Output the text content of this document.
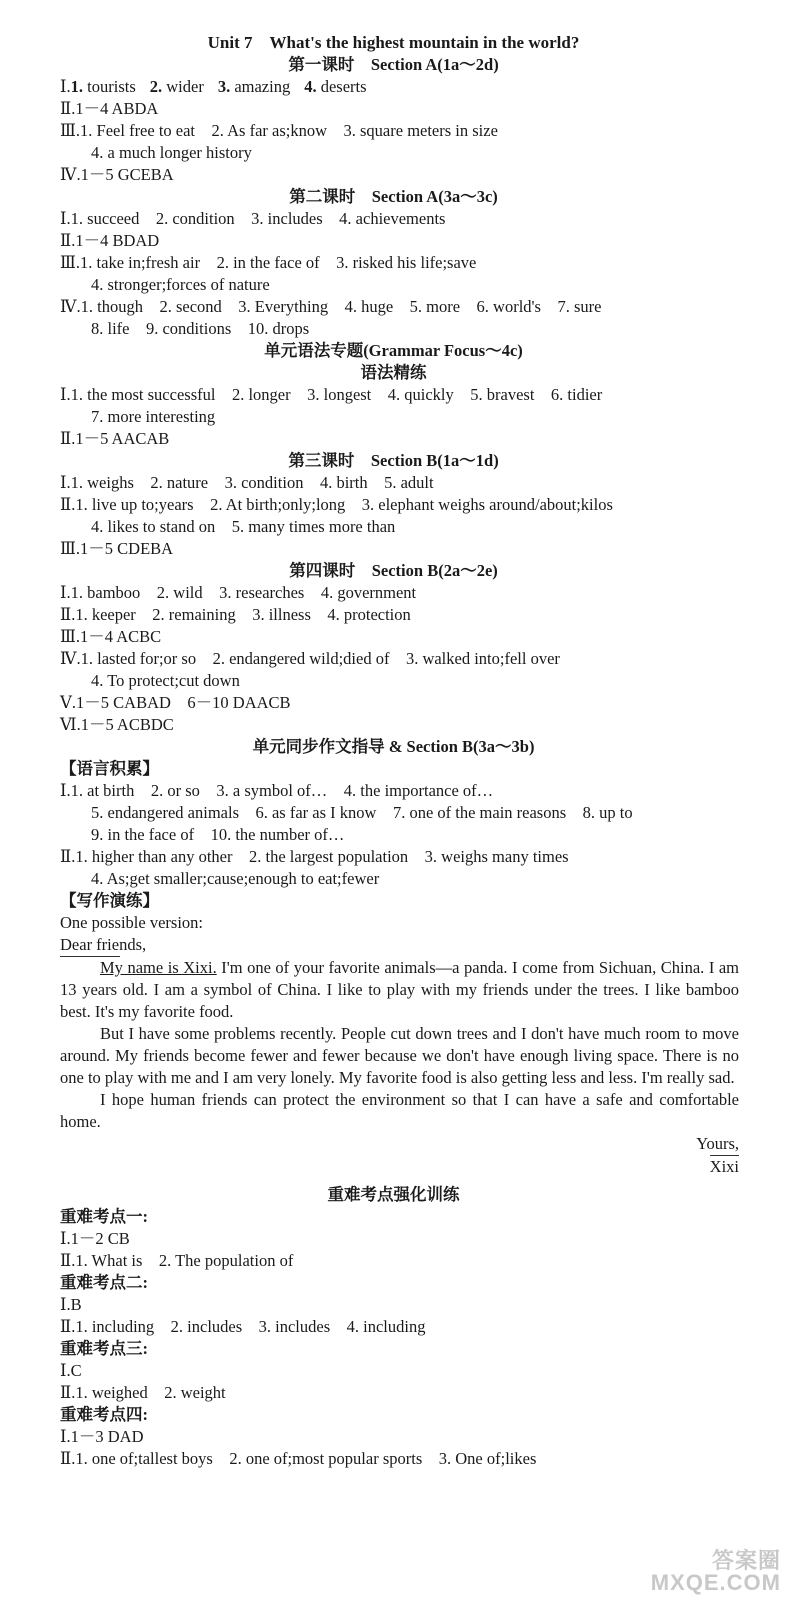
Unit 7　What's the highest mountain in the world?
第一课时　Section A(1a～2d)
Ⅰ.1. tourists 2. wider 3. amazing 4. deserts
Ⅱ.1－4 ABDA
Ⅲ.1. Feel free to eat　2. As far as;know　3. square meters in size
4. a much longer history
Ⅳ.1－5 GCEBA
第二课时　Section A(3a～3c)
Ⅰ.1. succeed　2. condition　3. includes　4. achievements
Ⅱ.1－4 BDAD
Ⅲ.1. take in;fresh air　2. in the face of　3. risked his life;save
4. stronger;forces of nature
Ⅳ.1. though　2. second　3. Everything　4. huge　5. more　6. world's　7. sure
8. life　9. conditions　10. drops
单元语法专题(Grammar Focus～4c)
语法精练
Ⅰ.1. the most successful　2. longer　3. longest　4. quickly　5. bravest　6. tidier
7. more interesting
Ⅱ.1－5 AACAB
第三课时　Section B(1a～1d)
Ⅰ.1. weighs　2. nature　3. condition　4. birth　5. adult
Ⅱ.1. live up to;years　2. At birth;only;long　3. elephant weighs around/about;kilos
4. likes to stand on　5. many times more than
Ⅲ.1－5 CDEBA
第四课时　Section B(2a～2e)
Ⅰ.1. bamboo　2. wild　3. researches　4. government
Ⅱ.1. keeper　2. remaining　3. illness　4. protection
Ⅲ.1－4 ACBC
Ⅳ.1. lasted for;or so　2. endangered wild;died of　3. walked into;fell over
4. To protect;cut down
Ⅴ.1－5 CABAD　6－10 DAACB
Ⅵ.1－5 ACBDC
单元同步作文指导 & Section B(3a～3b)
【语言积累】
Ⅰ.1. at birth　2. or so　3. a symbol of…　4. the importance of…
5. endangered animals　6. as far as I know　7. one of the main reasons　8. up to
9. in the face of　10. the number of…
Ⅱ.1. higher than any other　2. the largest population　3. weighs many times
4. As;get smaller;cause;enough to eat;fewer
【写作演练】
One possible version:
Dear friends,
My name is Xixi. I'm one of your favorite animals—a panda. I come from Sichuan, China. I am 13 years old. I am a symbol of China. I like to play with my friends under the trees. I like bamboo best. It's my favorite food.
But I have some problems recently. People cut down trees and I don't have much room to move around. My friends become fewer and fewer because we don't have enough living space. There is no one to play with me and I am very lonely. My favorite food is also getting less and less. I'm really sad.
I hope human friends can protect the environment so that I can have a safe and comfortable home.
Yours,
Xixi
重难考点强化训练
重难考点一:
Ⅰ.1－2 CB
Ⅱ.1. What is　2. The population of
重难考点二:
Ⅰ.B
Ⅱ.1. including　2. includes　3. includes　4. including
重难考点三:
Ⅰ.C
Ⅱ.1. weighed　2. weight
重难考点四:
Ⅰ.1－3 DAD
Ⅱ.1. one of;tallest boys　2. one of;most popular sports　3. One of;likes
答案圈
MXQE.COM
